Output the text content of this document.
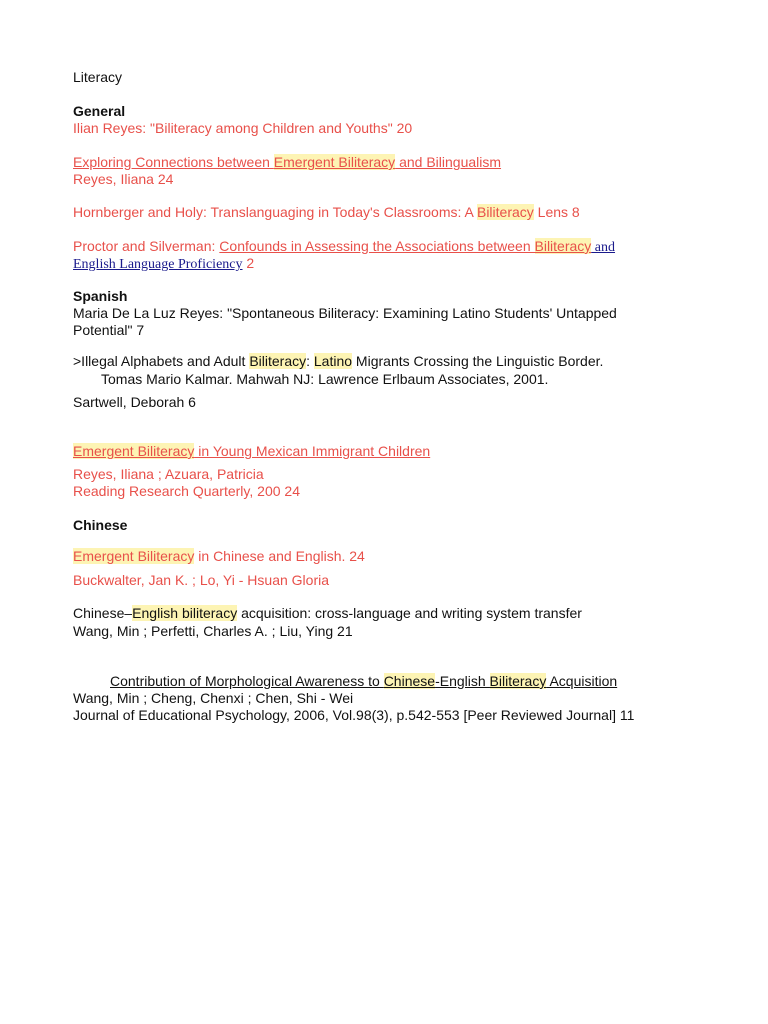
Literacy
General
Ilian Reyes: "Biliteracy among Children and Youths" 20
Exploring Connections between Emergent Biliteracy and Bilingualism
Reyes, Iliana 24
Hornberger and Holy: Translanguaging in Today's Classrooms: A Biliteracy Lens 8
Proctor and Silverman: Confounds in Assessing the Associations between Biliteracy and
English Language Proficiency 2
Spanish
Maria De La Luz Reyes: "Spontaneous Biliteracy: Examining Latino Students' Untapped
Potential" 7
>Illegal Alphabets and Adult Biliteracy: Latino Migrants Crossing the Linguistic Border.
Tomas Mario Kalmar. Mahwah NJ: Lawrence Erlbaum Associates, 2001.
Sartwell, Deborah 6
Emergent Biliteracy in Young Mexican Immigrant Children
Reyes, Iliana ; Azuara, Patricia
Reading Research Quarterly, 200 24
Chinese
Emergent Biliteracy in Chinese and English. 24
Buckwalter, Jan K. ; Lo, Yi - Hsuan Gloria
Chinese–English biliteracy acquisition: cross-language and writing system transfer
Wang, Min ; Perfetti, Charles A. ; Liu, Ying 21
Contribution of Morphological Awareness to Chinese-English Biliteracy Acquisition
Wang, Min ; Cheng, Chenxi ; Chen, Shi - Wei
Journal of Educational Psychology, 2006, Vol.98(3), p.542-553 [Peer Reviewed Journal] 11
